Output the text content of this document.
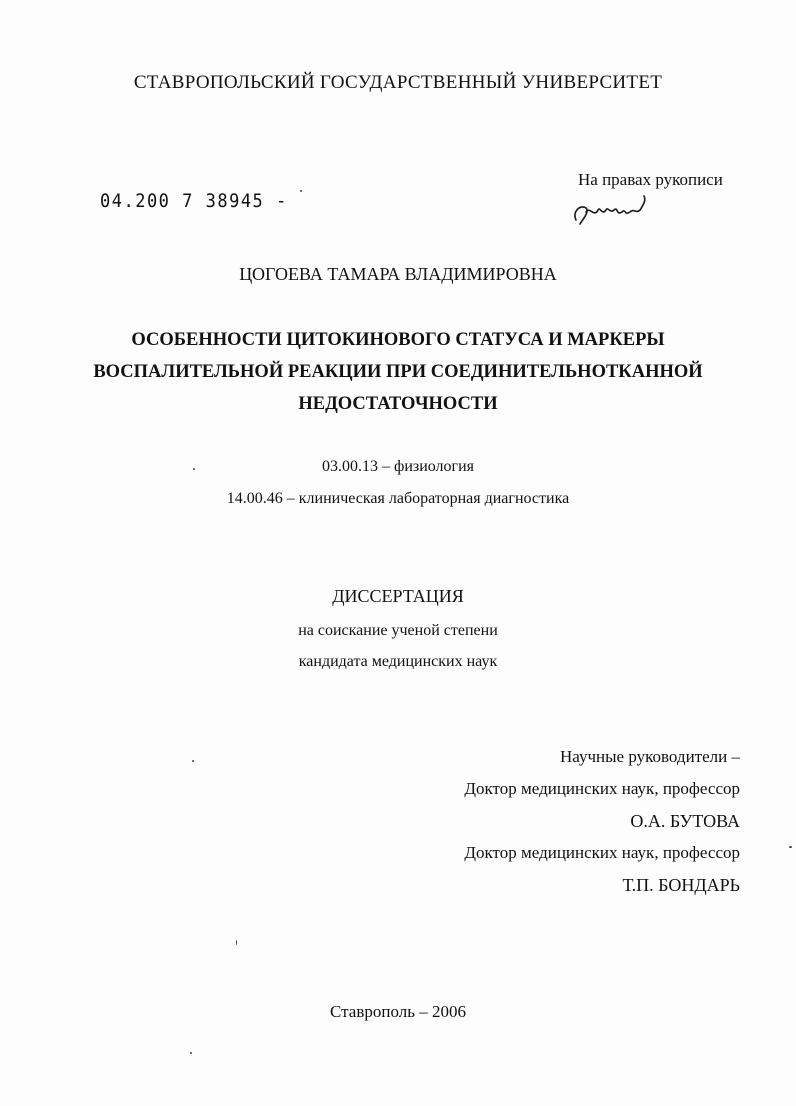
СТАВРОПОЛЬСКИЙ ГОСУДАРСТВЕННЫЙ УНИВЕРСИТЕТ
04.200 7 38945 -
На правах рукописи
ЦОГОЕВА ТАМАРА ВЛАДИМИРОВНА
ОСОБЕННОСТИ ЦИТОКИНОВОГО СТАТУСА И МАРКЕРЫ
ВОСПАЛИТЕЛЬНОЙ РЕАКЦИИ ПРИ СОЕДИНИТЕЛЬНОТКАННОЙ
НЕДОСТАТОЧНОСТИ
03.00.13 – физиология
14.00.46 – клиническая лабораторная диагностика
ДИССЕРТАЦИЯ
на соискание ученой степени
кандидата медицинских наук
Научные руководители –
Доктор медицинских наук, профессор
О.А. БУТОВА
Доктор медицинских наук, профессор
Т.П. БОНДАРЬ
Ставрополь – 2006
